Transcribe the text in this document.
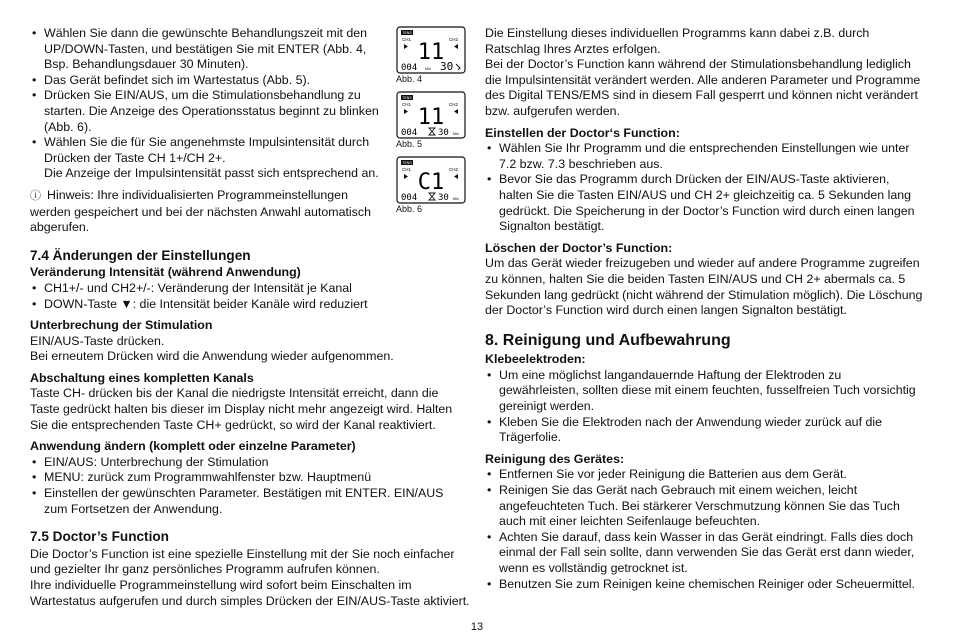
• Wählen Sie dann die gewünschte Behandlungszeit mit den UP/DOWN-Tasten, und bestätigen Sie mit ENTER (Abb. 4, Bsp. Behandlungsdauer 30 Minuten).
• Das Gerät befindet sich im Wartestatus (Abb. 5).
• Drücken Sie EIN/AUS, um die Stimulationsbehandlung zu starten. Die Anzeige des Operationsstatus beginnt zu blinken (Abb. 6).
• Wählen Sie die für Sie angenehmste Impulsintensität durch Drücken der Taste CH 1+/CH 2+.
Die Anzeige der Impulsintensität passt sich entsprechend an.

ⓘ Hinweis: Ihre individualisierten Programmeinstellungen werden gespeichert und bei der nächsten Anwahl automatisch abgerufen.

7.4 Änderungen der Einstellungen
Veränderung Intensität (während Anwendung)
• CH1+/- und CH2+/-: Veränderung der Intensität je Kanal
• DOWN-Taste ▼: die Intensität beider Kanäle wird reduziert
Unterbrechung der Stimulation

EIN/AUS-Taste drücken.

Bei erneutem Drücken wird die Anwendung wieder aufgenommen.

Abschaltung eines kompletten Kanals

Taste CH- drücken bis der Kanal die niedrigste Intensität erreicht, dann die Taste gedrückt halten bis dieser im Display nicht mehr angezeigt wird. Halten Sie die entsprechenden Taste CH+ gedrückt, so wird der Kanal reaktiviert.

Anwendung ändern (komplett oder einzelne Parameter)
• EIN/AUS: Unterbrechung der Stimulation
• MENU: zurück zum Programmwahlfenster bzw. Hauptmenü
• Einstellen der gewünschten Parameter. Bestätigen mit ENTER. EIN/AUS zum Fortsetzen der Anwendung.
7.5 Doctor’s Function

Die Doctor’s Function ist eine spezielle Einstellung mit der Sie noch einfacher und gezielter Ihr ganz persönliches Programm aufrufen können.

Ihre individuelle Programmeinstellung wird sofort beim Einschalten im Wartestatus aufgerufen und durch simples Drücken der EIN/AUS-Taste aktiviert.

TENS
CH1	CH2
11
004 Min 30
Abb. 4
TENS
CH1	CH2
11
004 30 Min
Abb. 5
TENS
CH1	CH2
C1
004 30 Min
Abb. 6

Die Einstellung dieses individuellen Programms kann dabei z.B. durch Ratschlag Ihres Arztes erfolgen.

Bei der Doctor’s Function kann während der Stimulationsbehandlung lediglich die Impulsintensität verändert werden. Alle anderen Parameter und Programme des Digital TENS/EMS sind in diesem Fall gesperrt und können nicht verändert bzw. aufgerufen werden.

Einstellen der Doctor‘s Function:
• Wählen Sie Ihr Programm und die entsprechenden Einstellungen wie unter 7.2 bzw. 7.3 beschrieben aus.
• Bevor Sie das Programm durch Drücken der EIN/AUS-Taste aktivieren, halten Sie die Tasten EIN/AUS und CH 2+ gleichzeitig ca. 5 Sekunden lang gedrückt. Die Speicherung in der Doctor’s Function wird durch einen langen Signalton bestätigt.
Löschen der Doctor’s Function:

Um das Gerät wieder freizugeben und wieder auf andere Programme zugreifen zu können, halten Sie die beiden Tasten EIN/AUS und CH 2+ abermals ca. 5 Sekunden lang gedrückt (nicht während der Stimulation möglich). Die Löschung der Doctor’s Function wird durch einen langen Signalton bestätigt.

8. Reinigung und Aufbewahrung
Klebeelektroden:
• Um eine möglichst langandauernde Haftung der Elektroden zu gewährleisten, sollten diese mit einem feuchten, fusselfreien Tuch vorsichtig gereinigt werden.
• Kleben Sie die Elektroden nach der Anwendung wieder zurück auf die Trägerfolie.
Reinigung des Gerätes:
• Entfernen Sie vor jeder Reinigung die Batterien aus dem Gerät.
• Reinigen Sie das Gerät nach Gebrauch mit einem weichen, leicht angefeuchteten Tuch. Bei stärkerer Verschmutzung können Sie das Tuch auch mit einer leichten Seifenlauge befeuchten.
• Achten Sie darauf, dass kein Wasser in das Gerät eindringt. Falls dies doch einmal der Fall sein sollte, dann verwenden Sie das Gerät erst dann wieder, wenn es vollständig getrocknet ist.
• Benutzen Sie zum Reinigen keine chemischen Reiniger oder Scheuermittel.
13
